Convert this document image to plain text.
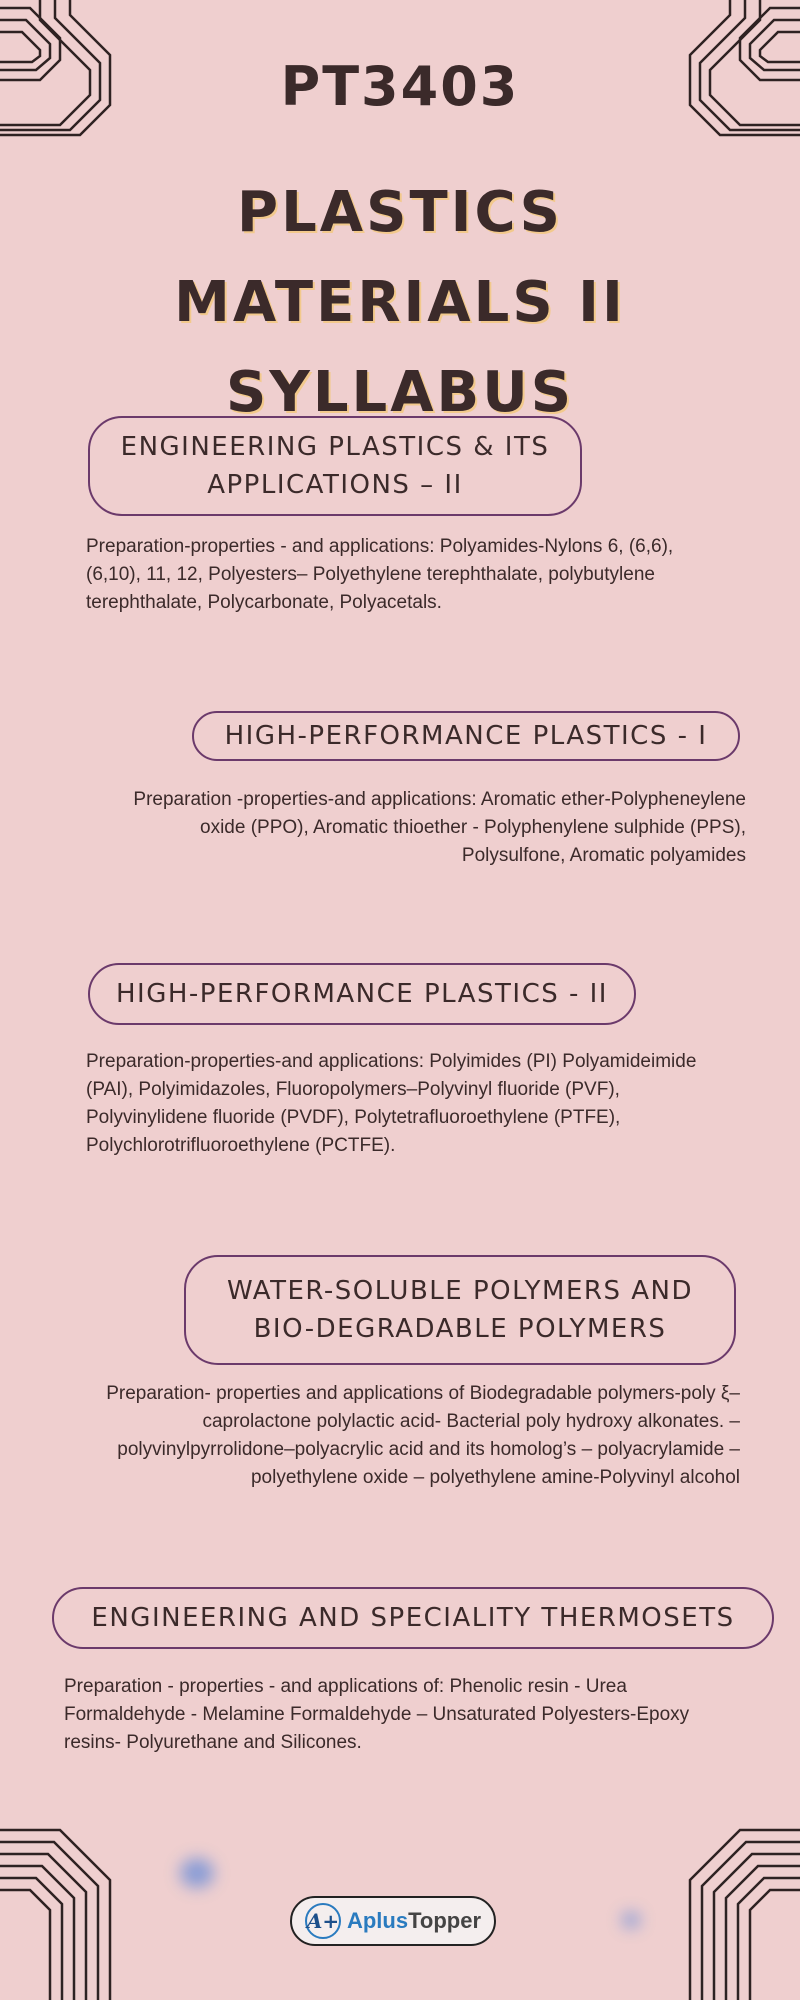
PT3403
PLASTICS MATERIALS II SYLLABUS
ENGINEERING PLASTICS & ITS APPLICATIONS – II

Preparation-properties - and applications: Polyamides-Nylons 6, (6,6), (6,10), 11, 12, Polyesters– Polyethylene terephthalate, polybutylene terephthalate, Polycarbonate, Polyacetals.

HIGH-PERFORMANCE PLASTICS - I

Preparation -properties-and applications: Aromatic ether-Polypheneylene oxide (PPO), Aromatic thioether - Polyphenylene sulphide (PPS), Polysulfone, Aromatic polyamides

HIGH-PERFORMANCE PLASTICS - II

Preparation-properties-and applications: Polyimides (PI) Polyamideimide (PAI), Polyimidazoles, Fluoropolymers–Polyvinyl fluoride (PVF), Polyvinylidene fluoride (PVDF), Polytetrafluoroethylene (PTFE), Polychlorotrifluoroethylene (PCTFE).

WATER-SOLUBLE POLYMERS AND BIO-DEGRADABLE POLYMERS

Preparation- properties and applications of Biodegradable polymers-poly ξ–caprolactone polylactic acid- Bacterial poly hydroxy alkonates. – polyvinylpyrrolidone–polyacrylic acid and its homolog’s – polyacrylamide – polyethylene oxide – polyethylene amine-Polyvinyl alcohol

ENGINEERING AND SPECIALITY THERMOSETS

Preparation - properties - and applications of: Phenolic resin - Urea Formaldehyde - Melamine Formaldehyde – Unsaturated Polyesters-Epoxy resins- Polyurethane and Silicones.

A+ AplusTopper
